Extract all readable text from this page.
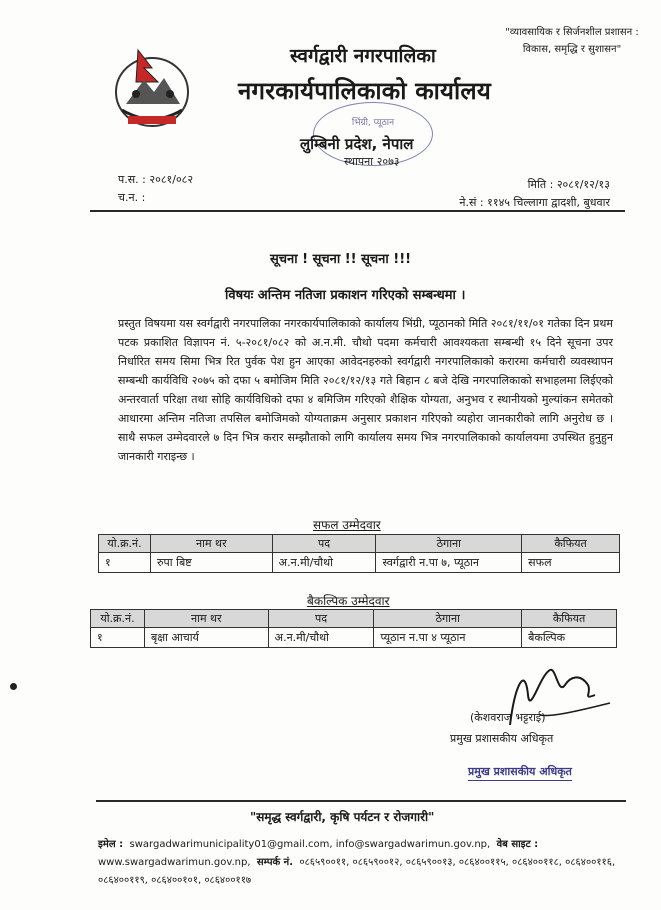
"व्यावसायिक र सिर्जनशील प्रशासन :
विकास, समृद्धि र सुशासन"
स्वर्गद्वारी नगरपालिका
नगरकार्यपालिकाको कार्यालय
भिंग्री, प्यूठान
लुम्बिनी प्रदेश, नेपाल
स्थापना २०७३
प.स. : २०८१/०८२
च.न. :
मिति : २०८१/१२/१३
ने.सं : ११४५ चिल्लागा द्वादशी, बुधवार
सूचना ! सूचना !! सूचना !!!
विषयः अन्तिम नतिजा प्रकाशन गरिएको सम्बन्धमा ।
प्रस्तुत विषयमा यस स्वर्गद्वारी नगरपालिका नगरकार्यपालिकाको कार्यालय भिंग्री, प्यूठानको मिति २०८१/११/०१ गतेका दिन प्रथम पटक प्रकाशित विज्ञापन नं. ५-२०८१/०८२ को अ.न.मी. चौथो पदमा कर्मचारी आवश्यकता सम्बन्धी १५ दिने सूचना उपर निर्धारित समय सिमा भित्र रित पुर्वक पेश हुन आएका आवेदनहरुको स्वर्गद्वारी नगरपालिकाको करारमा कर्मचारी व्यवस्थापन सम्बन्धी कार्यविधि २०७५ को दफा ५ बमोजिम मिति २०८१/१२/१३ गते बिहान ८ बजे देखि नगरपालिकाको सभाहलमा लिईएको अन्तरवार्ता परिक्षा तथा सोहि कार्यविधिको दफा ४ बमिजिम गरिएको शैक्षिक योग्यता, अनुभव र स्थानीयको मुल्यांकन समेतको आधारमा अन्तिम नतिजा तपसिल बमोजिमको योग्यताक्रम अनुसार प्रकाशन गरिएको व्यहोरा जानकारीको लागि अनुरोध छ । साथै सफल उम्मेदवारले ७ दिन भित्र करार सम्झौताको लागि कार्यालय समय भित्र नगरपालिकाको कार्यालयमा उपस्थित हुनुहुन जानकारी गराइन्छ ।
सफल उम्मेदवार
यो.क्र.नं.	नाम थर	पद	ठेगाना	कैफियत
१	रुपा बिष्ट	अ.न.मी/चौथो	स्वर्गद्वारी न.पा ७, प्यूठान	सफल
बैकल्पिक उम्मेदवार
यो.क्र.नं.	नाम थर	पद	ठेगाना	कैफियत
१	बृक्षा आचार्य	अ.न.मी/चौथो	प्यूठान न.पा ४ प्यूठान	बैकल्पिक
(केशवराज भट्टराई)
प्रमुख प्रशासकीय अधिकृत
प्रमुख प्रशासकीय अधिकृत
"समृद्ध स्वर्गद्वारी, कृषि पर्यटन र रोजगारी"
इमेल : swargadwarimunicipality01@gmail.com, info@swargadwarimun.gov.np, वेब साइट :
www.swargadwarimun.gov.np, सम्पर्क नं. ०८६५९००११, ०८६५९००१२, ०८६५९००१३, ०८६४००११५, ०८६४००११८, ०८६४००११६, ०८६४००११९, ०८६४००१०१, ०८६४००११७
